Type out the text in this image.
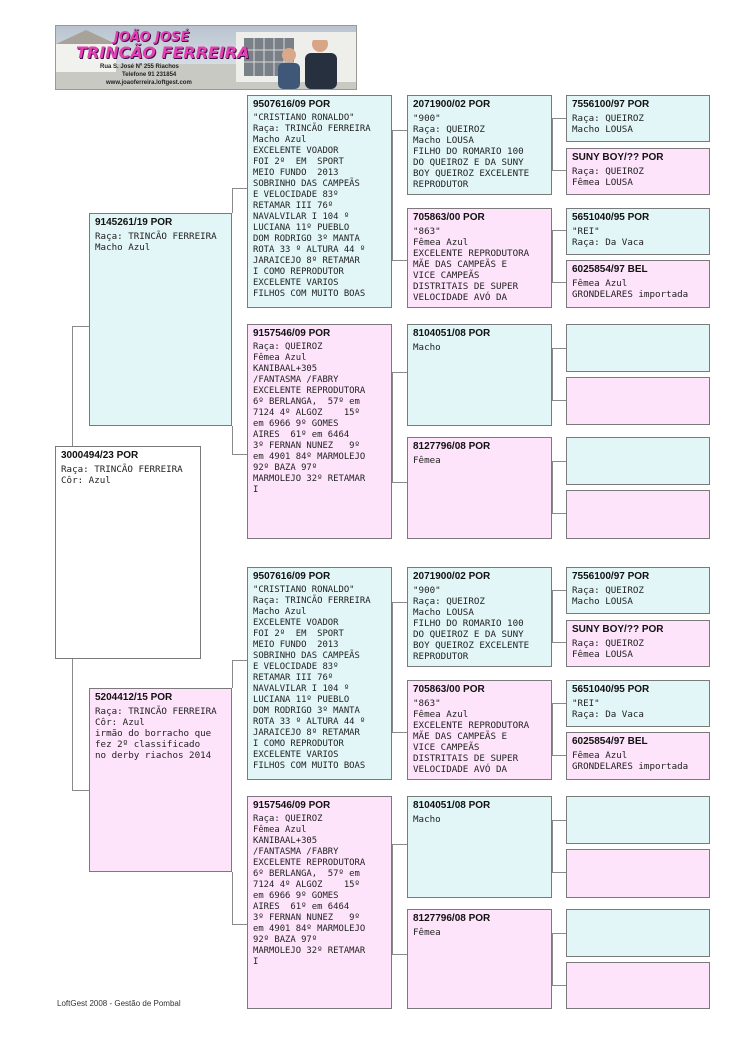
JOÃO JOSÉ
TRINCÃO FERREIRA
Rua S. José Nº 255 Riachos
Telefone 91 231854
www.joaoferreira.loftgest.com
3000494/23 POR
Raça: TRINCÃO FERREIRA
Côr: Azul
9145261/19 POR
Raça: TRINCÃO FERREIRA
Macho Azul
5204412/15 POR
Raça: TRINCÃO FERREIRA
Côr: Azul
irmão do borracho que
fez 2º classificado
no derby riachos 2014
9507616/09 POR
"CRISTIANO RONALDO"
Raça: TRINCÃO FERREIRA
Macho Azul
EXCELENTE VOADOR
FOI 2º  EM  SPORT
MEIO FUNDO  2013
SOBRINHO DAS CAMPEÃS
E VELOCIDADE 83º
RETAMAR III 76º
NAVALVILAR I 104 º
LUCIANA 11º PUEBLO
DOM RODRIGO 3º MANTA
ROTA 33 º ALTURA 44 º
JARAICEJO 8º RETAMAR
I COMO REPRODUTOR
EXCELENTE VARIOS
FILHOS COM MUITO BOAS
9157546/09 POR
Raça: QUEIROZ
Fêmea Azul
KANIBAAL+305
/FANTASMA /FABRY
EXCELENTE REPRODUTORA
6º BERLANGA,  57º em
7124 4º ALGOZ    15º
em 6966 9º GOMES
AIRES  61º em 6464
3º FERNAN NUNEZ   9º
em 4901 84º MARMOLEJO
92º BAZA 97º
MARMOLEJO 32º RETAMAR
I
2071900/02 POR
"900"
Raça: QUEIROZ
Macho LOUSA
FILHO DO ROMARIO 100
DO QUEIROZ E DA SUNY
BOY QUEIROZ EXCELENTE
REPRODUTOR
705863/00 POR
"863"
Fêmea Azul
EXCELENTE REPRODUTORA
MÃE DAS CAMPEÃS E
VICE CAMPEÃS
DISTRITAIS DE SUPER
VELOCIDADE AVÓ DA
8104051/08 POR
Macho
8127796/08 POR
Fêmea
7556100/97 POR
Raça: QUEIROZ
Macho LOUSA
SUNY BOY/?? POR
Raça: QUEIROZ
Fêmea LOUSA
5651040/95 POR
"REI"
Raça: Da Vaca
6025854/97 BEL
Fêmea Azul
GRONDELARES importada
9507616/09 POR
"CRISTIANO RONALDO"
Raça: TRINCÃO FERREIRA
Macho Azul
EXCELENTE VOADOR
FOI 2º  EM  SPORT
MEIO FUNDO  2013
SOBRINHO DAS CAMPEÃS
E VELOCIDADE 83º
RETAMAR III 76º
NAVALVILAR I 104 º
LUCIANA 11º PUEBLO
DOM RODRIGO 3º MANTA
ROTA 33 º ALTURA 44 º
JARAICEJO 8º RETAMAR
I COMO REPRODUTOR
EXCELENTE VARIOS
FILHOS COM MUITO BOAS
9157546/09 POR
Raça: QUEIROZ
Fêmea Azul
KANIBAAL+305
/FANTASMA /FABRY
EXCELENTE REPRODUTORA
6º BERLANGA,  57º em
7124 4º ALGOZ    15º
em 6966 9º GOMES
AIRES  61º em 6464
3º FERNAN NUNEZ   9º
em 4901 84º MARMOLEJO
92º BAZA 97º
MARMOLEJO 32º RETAMAR
I
2071900/02 POR
"900"
Raça: QUEIROZ
Macho LOUSA
FILHO DO ROMARIO 100
DO QUEIROZ E DA SUNY
BOY QUEIROZ EXCELENTE
REPRODUTOR
705863/00 POR
"863"
Fêmea Azul
EXCELENTE REPRODUTORA
MÃE DAS CAMPEÃS E
VICE CAMPEÃS
DISTRITAIS DE SUPER
VELOCIDADE AVÓ DA
8104051/08 POR
Macho
8127796/08 POR
Fêmea
7556100/97 POR
Raça: QUEIROZ
Macho LOUSA
SUNY BOY/?? POR
Raça: QUEIROZ
Fêmea LOUSA
5651040/95 POR
"REI"
Raça: Da Vaca
6025854/97 BEL
Fêmea Azul
GRONDELARES importada
LoftGest 2008 - Gestão de Pombal
